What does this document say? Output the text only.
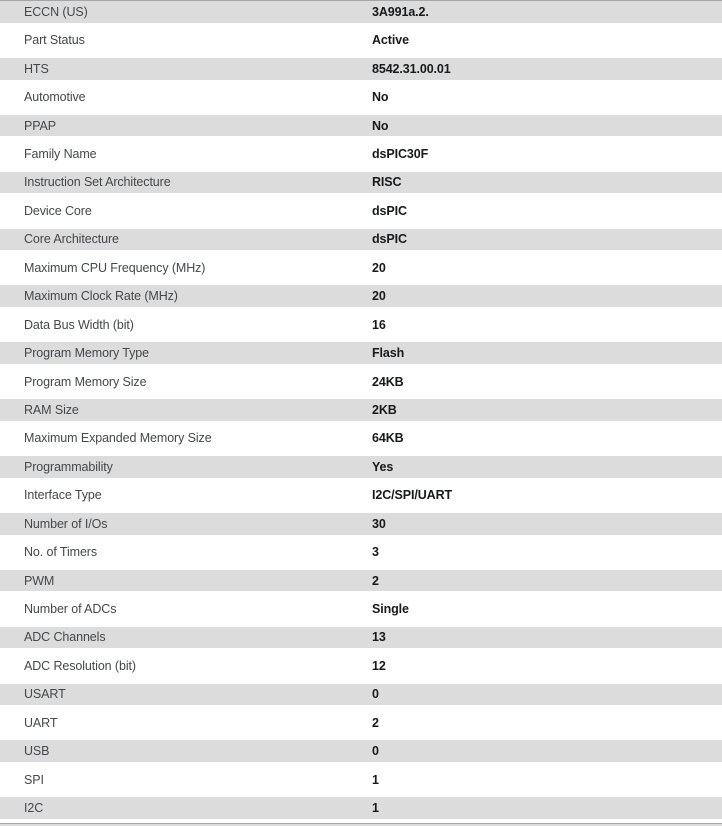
ECCN (US)	3A991a.2.
Part Status	Active
HTS	8542.31.00.01
Automotive	No
PPAP	No
Family Name	dsPIC30F
Instruction Set Architecture	RISC
Device Core	dsPIC
Core Architecture	dsPIC
Maximum CPU Frequency (MHz)	20
Maximum Clock Rate (MHz)	20
Data Bus Width (bit)	16
Program Memory Type	Flash
Program Memory Size	24KB
RAM Size	2KB
Maximum Expanded Memory Size	64KB
Programmability	Yes
Interface Type	I2C/SPI/UART
Number of I/Os	30
No. of Timers	3
PWM	2
Number of ADCs	Single
ADC Channels	13
ADC Resolution (bit)	12
USART	0
UART	2
USB	0
SPI	1
I2C	1
